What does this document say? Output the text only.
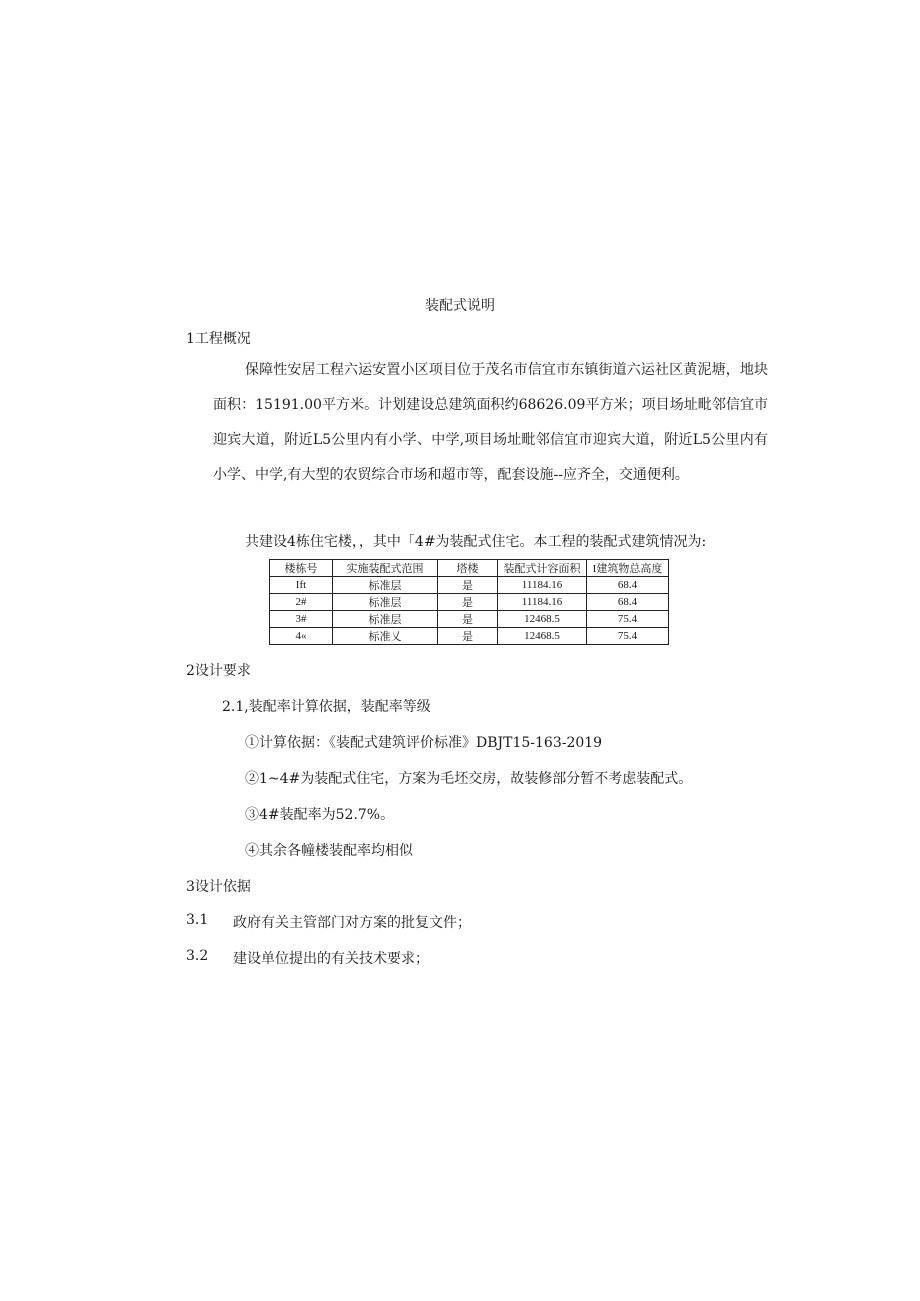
装配式说明
1工程概况
保障性安居工程六运安置小区项目位于茂名市信宜市东镇街道六运社区黄泥塘，地块面积：15191.00平方米。计划建设总建筑面积约68626.09平方米；项目场址毗邻信宜市迎宾大道，附近L5公里内有小学、中学,项目场址毗邻信宜市迎宾大道，附近L5公里内有小学、中学,有大型的农贸综合市场和超市等，配套设施--应齐全，交通便利。
共建设4栋住宅楼，，其中「4#为装配式住宅。本工程的装配式建筑情况为:
楼栋号	实施装配式范围	塔楼	装配式计容面积	I建筑物总高度
Ift	标准层	是	11184.16	68.4
2#	标准层	是	11184.16	68.4
3#	标准层	是	12468.5	75.4
4«	标准乂	是	12468.5	75.4
2设计要求
2.1,装配率计算依据，装配率等级
①计算依据：《装配式建筑评价标准》DBJT15-163-2019
②1~4#为装配式住宅，方案为毛坯交房，故装修部分暂不考虑装配式。
③4#装配率为52.7%。
④其余各幢楼装配率均相似
3设计依据
3.1 政府有关主管部门对方案的批复文件；
3.2 建设单位提出的有关技术要求；
